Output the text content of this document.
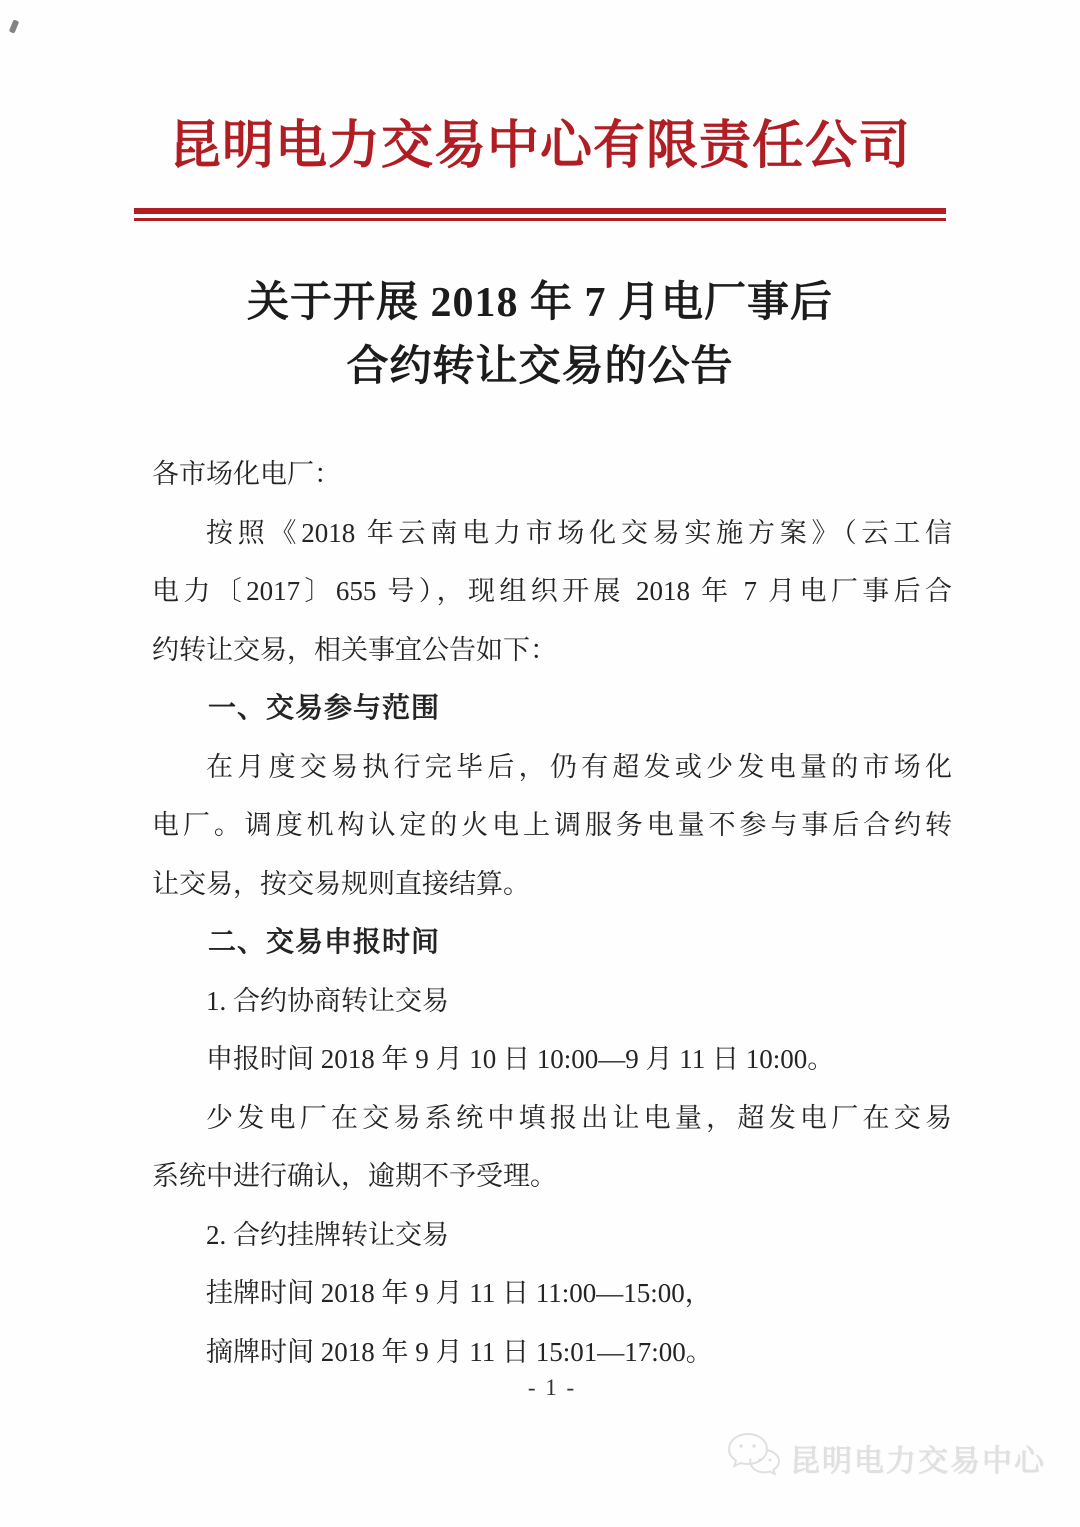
昆明电力交易中心有限责任公司
关于开展 2018 年 7 月电厂事后
合约转让交易的公告
各市场化电厂：
按照《2018 年云南电力市场化交易实施方案》（云工信
电力〔2017〕655 号），现组织开展 2018 年 7 月电厂事后合
约转让交易，相关事宜公告如下：
一、交易参与范围
在月度交易执行完毕后，仍有超发或少发电量的市场化
电厂。调度机构认定的火电上调服务电量不参与事后合约转
让交易，按交易规则直接结算。
二、交易申报时间
1. 合约协商转让交易
申报时间 2018 年 9 月 10 日 10:00—9 月 11 日 10:00。
少发电厂在交易系统中填报出让电量，超发电厂在交易
系统中进行确认，逾期不予受理。
2. 合约挂牌转让交易
挂牌时间 2018 年 9 月 11 日 11:00—15:00，
摘牌时间 2018 年 9 月 11 日 15:01—17:00。
- 1 -
昆明电力交易中心
